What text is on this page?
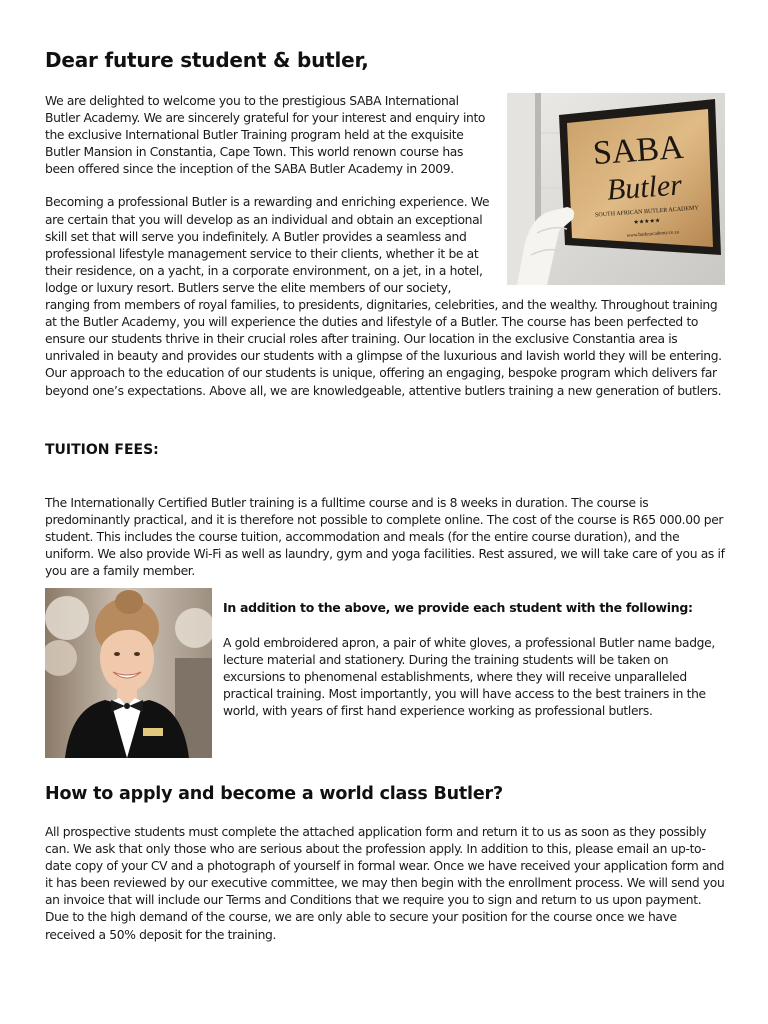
Dear future student & butler,
SABA
Butler
SOUTH AFRICAN BUTLER ACADEMY
★★★★★
www.butleracademy.co.za

We are delighted to welcome you to the prestigious SABA International Butler Academy. We are sincerely grateful for your interest and enquiry into the exclusive International Butler Training program held at the exquisite Butler Mansion in Constantia, Cape Town. This world renown course has been offered since the inception of the SABA Butler Academy in 2009.

Becoming a professional Butler is a rewarding and enriching experience. We are certain that you will develop as an individual and obtain an exceptional skill set that will serve you indefinitely. A Butler provides a seamless and professional lifestyle management service to their clients, whether it be at their residence, on a yacht, in a corporate environment, on a jet, in a hotel, lodge or luxury resort. Butlers serve the elite members of our society, ranging from members of royal families, to presidents, dignitaries, celebrities, and the wealthy. Throughout training at the Butler Academy, you will experience the duties and lifestyle of a Butler. The course has been perfected to ensure our students thrive in their crucial roles after training. Our location in the exclusive Constantia area is unrivaled in beauty and provides our students with a glimpse of the luxurious and lavish world they will be entering. Our approach to the education of our students is unique, offering an engaging, bespoke program which delivers far beyond one’s expectations. Above all, we are knowledgeable, attentive butlers training a new generation of butlers.

TUITION FEES:

The Internationally Certified Butler training is a fulltime course and is 8 weeks in duration. The course is predominantly practical, and it is therefore not possible to complete online. The cost of the course is R65 000.00 per student. This includes the course tuition, accommodation and meals (for the entire course duration), and the uniform. We also provide Wi-Fi as well as laundry, gym and yoga facilities. Rest assured, we will take care of you as if you are a family member.

In addition to the above, we provide each student with the following:

A gold embroidered apron, a pair of white gloves, a professional Butler name badge, lecture material and stationery. During the training students will be taken on excursions to phenomenal establishments, where they will receive unparalleled practical training. Most importantly, you will have access to the best trainers in the world, with years of first hand experience working as professional butlers.

How to apply and become a world class Butler?

All prospective students must complete the attached application form and return it to us as soon as they possibly can. We ask that only those who are serious about the profession apply. In addition to this, please email an up-to-date copy of your CV and a photograph of yourself in formal wear. Once we have received your application form and it has been reviewed by our executive committee, we may then begin with the enrollment process. We will send you an invoice that will include our Terms and Conditions that we require you to sign and return to us upon payment. Due to the high demand of the course, we are only able to secure your position for the course once we have received a 50% deposit for the training.
